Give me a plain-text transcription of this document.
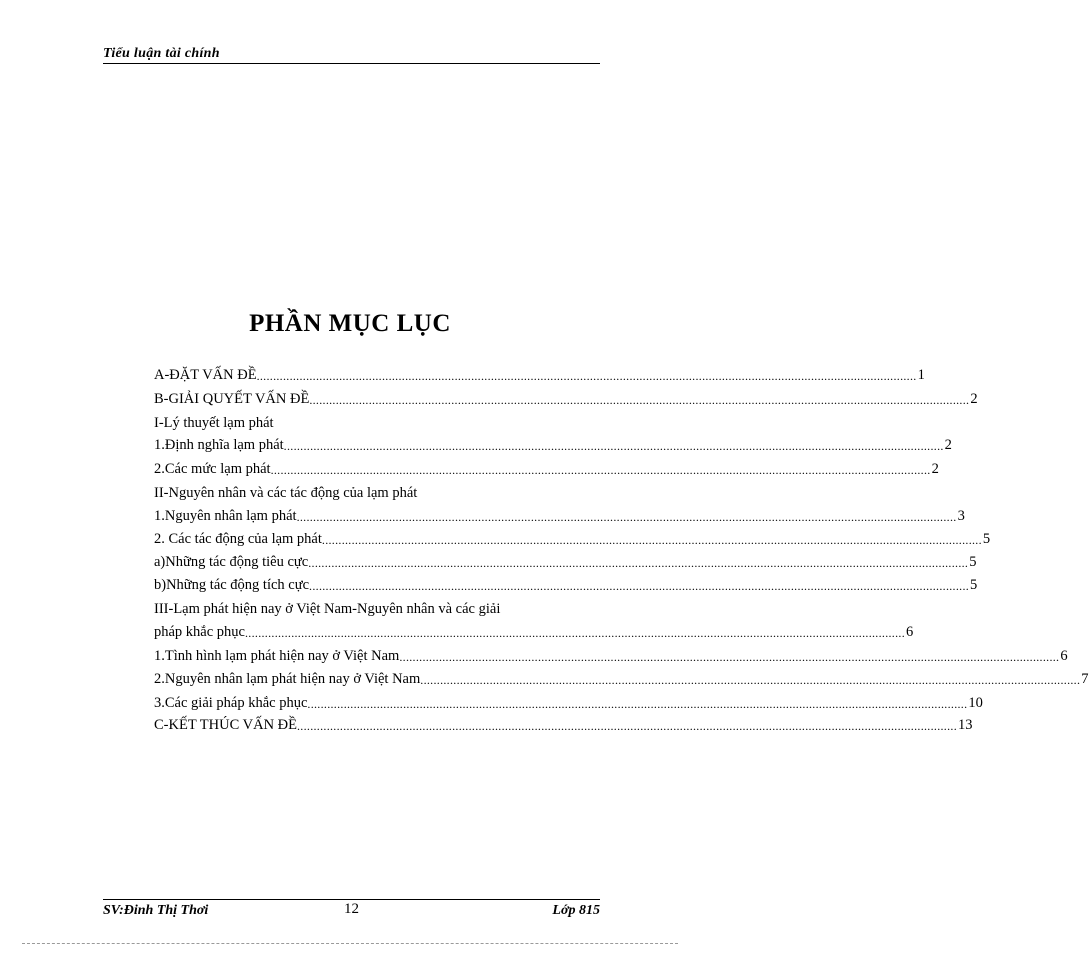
Tiểu luận tài chính
PHẦN MỤC LỤC
A-ĐẶT VẤN ĐỀ ........................................................................................................................................................................................................ 1
B-GIẢI QUYẾT VẤN ĐỀ ........................................................................................................................................................................................................ 2
I-Lý thuyết lạm phát
1.Định nghĩa lạm phát ........................................................................................................................................................................................................ 2
2.Các mức lạm phát ........................................................................................................................................................................................................ 2
II-Nguyên nhân và các tác động của lạm phát
1.Nguyên nhân lạm phát ........................................................................................................................................................................................................ 3
2. Các tác động của lạm phát ........................................................................................................................................................................................................ 5
a)Những tác động tiêu cực ........................................................................................................................................................................................................ 5
b)Những tác động tích cực ........................................................................................................................................................................................................ 5
III-Lạm phát hiện nay ở Việt Nam-Nguyên nhân và các giải
pháp khắc phục ........................................................................................................................................................................................................ 6
1.Tình hình lạm phát hiện nay ở Việt Nam ........................................................................................................................................................................................................ 6
2.Nguyên nhân lạm phát hiện nay ở Việt Nam ........................................................................................................................................................................................................ 7
3.Các giải pháp khắc phục ........................................................................................................................................................................................................ 10
C-KẾT THÚC VẤN ĐỀ ........................................................................................................................................................................................................ 13
SV:Đinh Thị Thơi	12	Lớp 815
